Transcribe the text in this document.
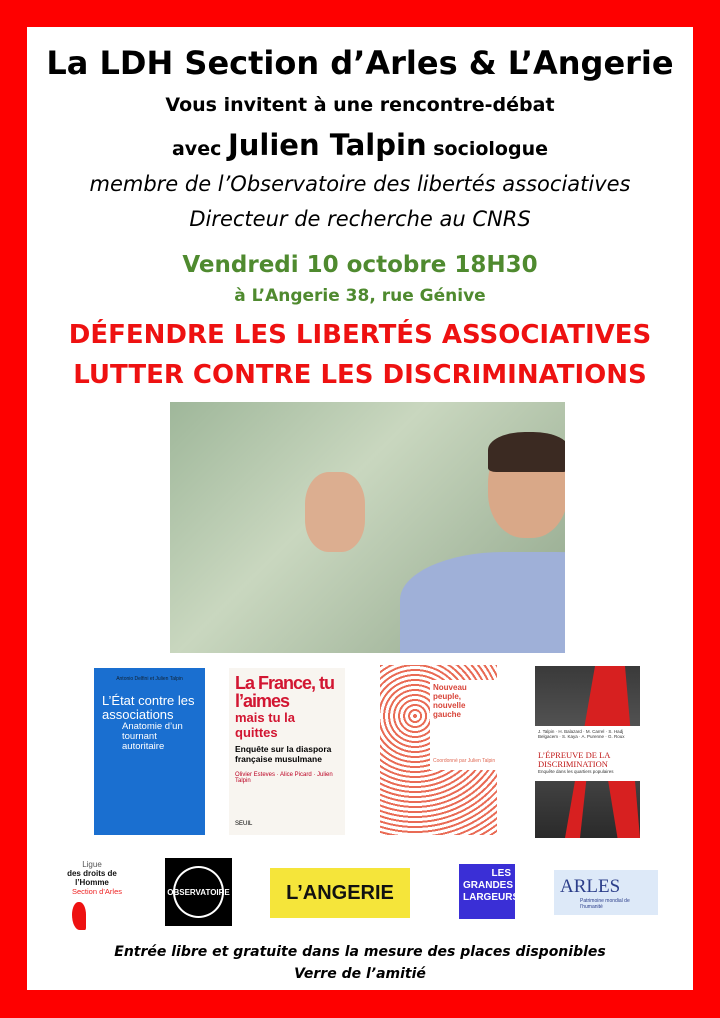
La LDH Section d’Arles & L’Angerie
Vous invitent à une rencontre-débat
avec Julien Talpin sociologue
membre de l’Observatoire des libertés associatives
Directeur de recherche au CNRS
Vendredi 10 octobre 18H30
à L’Angerie 38, rue Génive
DÉFENDRE LES LIBERTÉS ASSOCIATIVES
LUTTER CONTRE LES DISCRIMINATIONS
Antonio Delfini et Julien Talpin
L’État contre les associations
Anatomie d’un tournant autoritaire
La France, tu l’aimes
mais tu la quittes
Enquête sur la diaspora française musulmane
Olivier Esteves · Alice Picard · Julien Talpin
SEUIL
Nouveau peuple, nouvelle gauche
Coordonné par Julien Talpin
J. Talpin · H. Balazard · M. Carrel · S. Hadj Belgacem · S. Kaya · A. Purenne · G. Roux
L’ÉPREUVE DE LA DISCRIMINATION
Enquête dans les quartiers populaires
Ligue
des droits de
l’Homme
Section d’Arles	OBSERVATOIRE	L’ANGERIE
LES
GRANDES
LARGEURS
ARLES
Patrimoine mondial de l’humanité
Entrée libre et gratuite dans la mesure des places disponibles
Verre de l’amitié
